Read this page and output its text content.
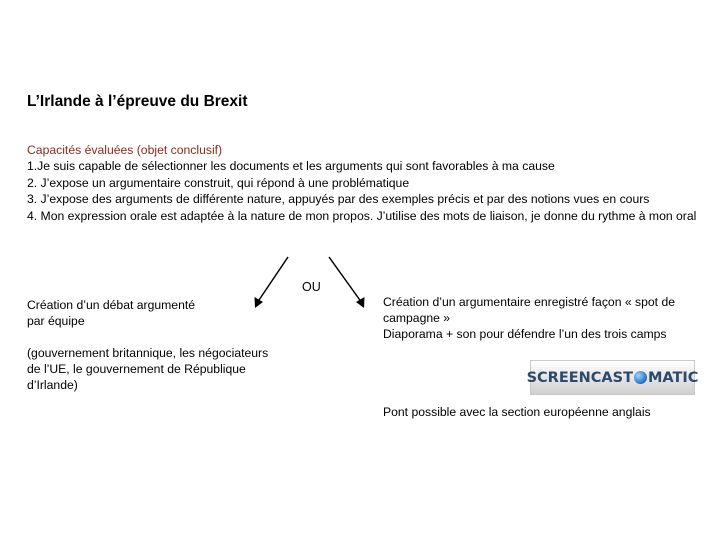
L’Irlande à l’épreuve du Brexit
Capacités évaluées (objet conclusif)
1.Je suis capable de sélectionner les documents et les arguments qui sont favorables à ma cause
2. J’expose un argumentaire construit, qui répond à une problématique
3. J’expose des arguments de différente nature, appuyés par des exemples précis et par des notions vues en cours
4. Mon expression orale est adaptée à la nature de mon propos. J’utilise des mots de liaison, je donne du rythme à mon oral
OU
Création d’un débat argumenté
par équipe
(gouvernement britannique, les négociateurs
de l’UE, le gouvernement de République
d’Irlande)
Création d’un argumentaire enregistré façon « spot de
campagne »
Diaporama + son pour défendre l’un des trois camps
SCREENCAST MATIC
Pont possible avec la section européenne anglais
